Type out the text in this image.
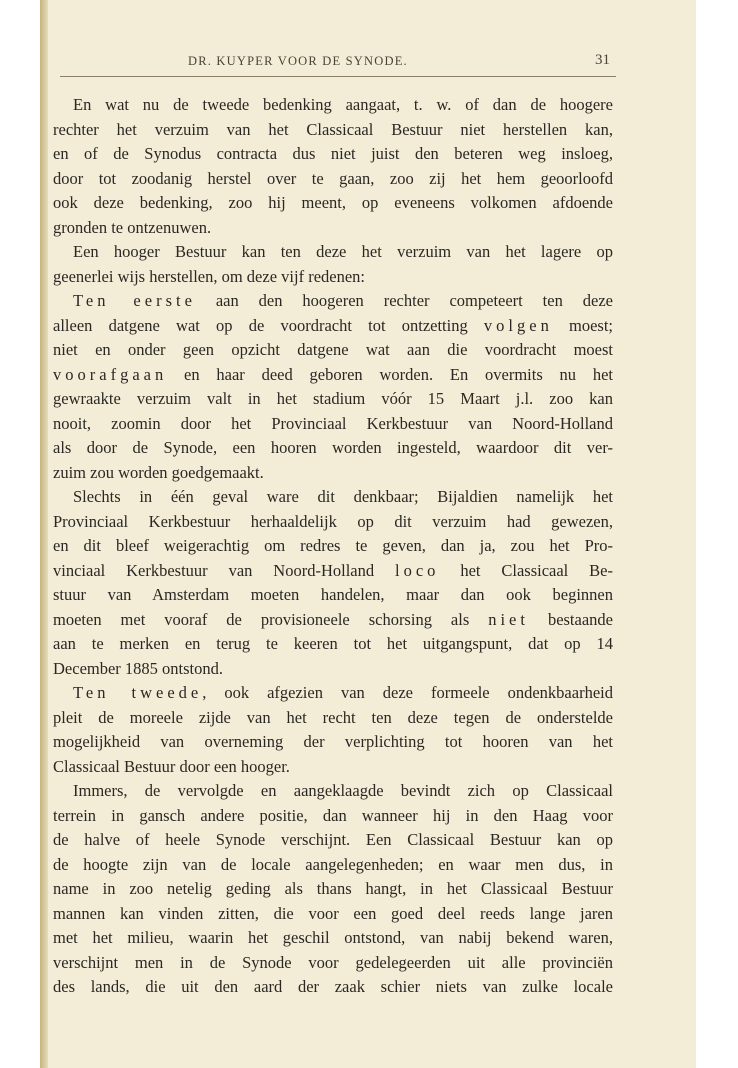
DR. KUYPER VOOR DE SYNODE.	31
En wat nu de tweede bedenking aangaat, t. w. of dan de hoogere
rechter het verzuim van het Classicaal Bestuur niet herstellen kan,
en of de Synodus contracta dus niet juist den beteren weg insloeg,
door tot zoodanig herstel over te gaan, zoo zij het hem geoorloofd
ook deze bedenking, zoo hij meent, op eveneens volkomen afdoende
gronden te ontzenuwen.
Een hooger Bestuur kan ten deze het verzuim van het lagere op
geenerlei wijs herstellen, om deze vijf redenen:
Ten eerste aan den hoogeren rechter competeert ten deze
alleen datgene wat op de voordracht tot ontzetting volgen moest;
niet en onder geen opzicht datgene wat aan die voordracht moest
voorafgaan en haar deed geboren worden. En overmits nu het
gewraakte verzuim valt in het stadium vóór 15 Maart j.l. zoo kan
nooit, zoomin door het Provinciaal Kerkbestuur van Noord-Holland
als door de Synode, een hooren worden ingesteld, waardoor dit ver-
zuim zou worden goedgemaakt.
Slechts in één geval ware dit denkbaar; Bijaldien namelijk het
Provinciaal Kerkbestuur herhaaldelijk op dit verzuim had gewezen,
en dit bleef weigerachtig om redres te geven, dan ja, zou het Pro-
vinciaal Kerkbestuur van Noord-Holland loco het Classicaal Be-
stuur van Amsterdam moeten handelen, maar dan ook beginnen
moeten met vooraf de provisioneele schorsing als niet bestaande
aan te merken en terug te keeren tot het uitgangspunt, dat op 14
December 1885 ontstond.
Ten tweede, ook afgezien van deze formeele ondenkbaarheid
pleit de moreele zijde van het recht ten deze tegen de onderstelde
mogelijkheid van overneming der verplichting tot hooren van het
Classicaal Bestuur door een hooger.
Immers, de vervolgde en aangeklaagde bevindt zich op Classicaal
terrein in gansch andere positie, dan wanneer hij in den Haag voor
de halve of heele Synode verschijnt. Een Classicaal Bestuur kan op
de hoogte zijn van de locale aangelegenheden; en waar men dus, in
name in zoo netelig geding als thans hangt, in het Classicaal Bestuur
mannen kan vinden zitten, die voor een goed deel reeds lange jaren
met het milieu, waarin het geschil ontstond, van nabij bekend waren,
verschijnt men in de Synode voor gedelegeerden uit alle provinciën
des lands, die uit den aard der zaak schier niets van zulke locale
